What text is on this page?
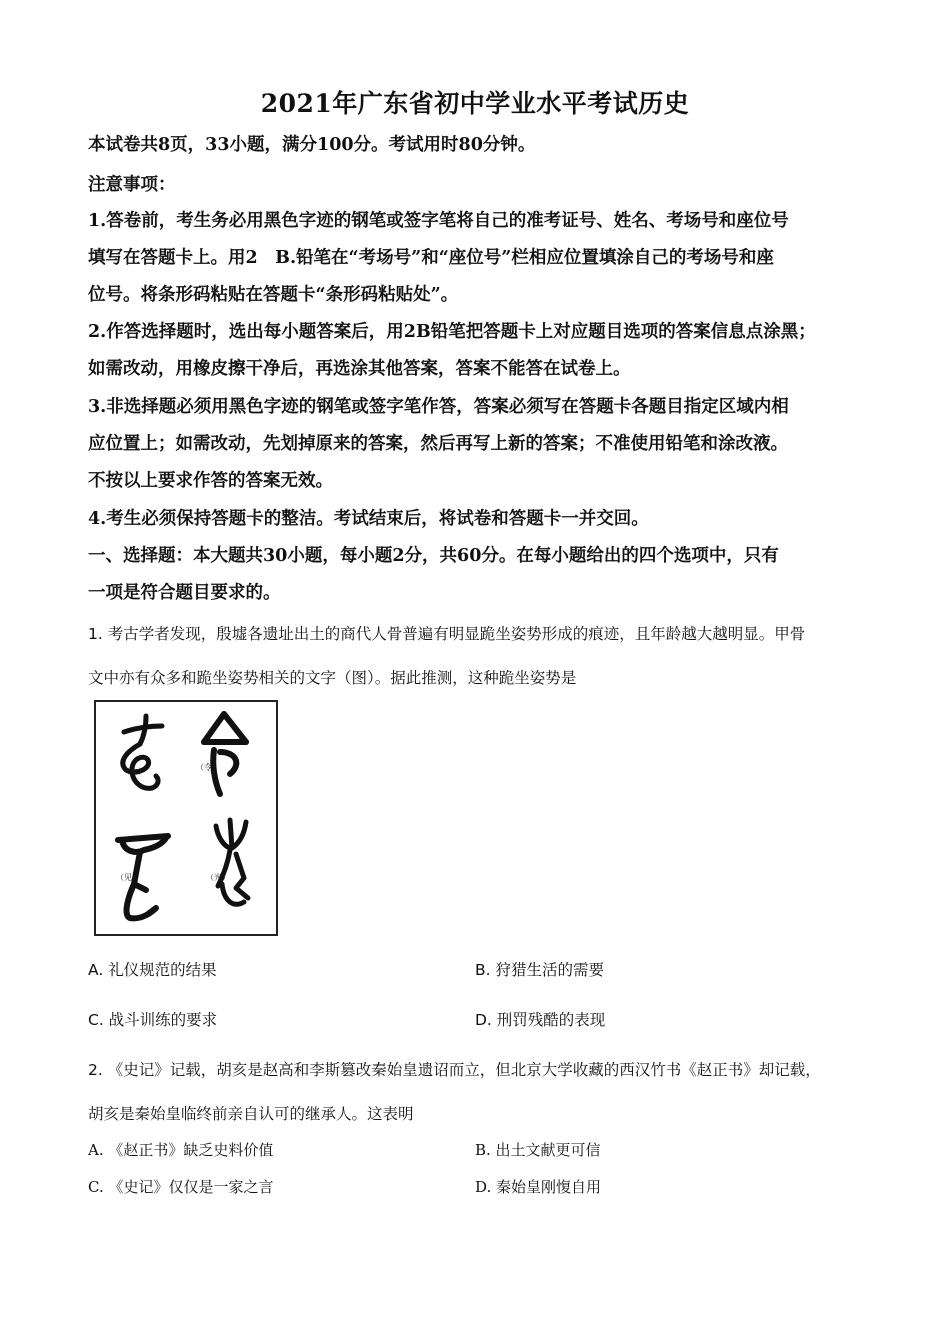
2021年广东省初中学业水平考试历史
本试卷共8页，33小题，满分100分。考试用时80分钟。
注意事项：
1.答卷前，考生务必用黑色字迹的钢笔或签字笔将自己的准考证号、姓名、考场号和座位号
填写在答题卡上。用2　B.铅笔在“考场号”和“座位号”栏相应位置填涂自己的考场号和座
位号。将条形码粘贴在答题卡“条形码粘贴处”。
2.作答选择题时，选出每小题答案后，用2B铅笔把答题卡上对应题目选项的答案信息点涂黑；
如需改动，用橡皮擦干净后，再选涂其他答案，答案不能答在试卷上。
3.非选择题必须用黑色字迹的钢笔或签字笔作答，答案必须写在答题卡各题目指定区域内相
应位置上；如需改动，先划掉原来的答案，然后再写上新的答案；不准使用铅笔和涂改液。
不按以上要求作答的答案无效。
4.考生必须保持答题卡的整洁。考试结束后，将试卷和答题卡一并交回。
一、选择题：本大题共30小题，每小题2分，共60分。在每小题给出的四个选项中，只有
一项是符合题目要求的。
1. 考古学者发现，殷墟各遗址出土的商代人骨普遍有明显跪坐姿势形成的痕迹，且年龄越大越明显。甲骨
文中亦有众多和跪坐姿势相关的文字（图）。据此推测，这种跪坐姿势是
（女）	（令）
（见）	（光）
A. 礼仪规范的结果	B. 狩猎生活的需要
C. 战斗训练的要求	D. 刑罚残酷的表现
2. 《史记》记载，胡亥是赵高和李斯篡改秦始皇遗诏而立，但北京大学收藏的西汉竹书《赵正书》却记载，
胡亥是秦始皇临终前亲自认可的继承人。这表明
A. 《赵正书》缺乏史料价值	B. 出土文献更可信
C. 《史记》仅仅是一家之言	D. 秦始皇刚愎自用
